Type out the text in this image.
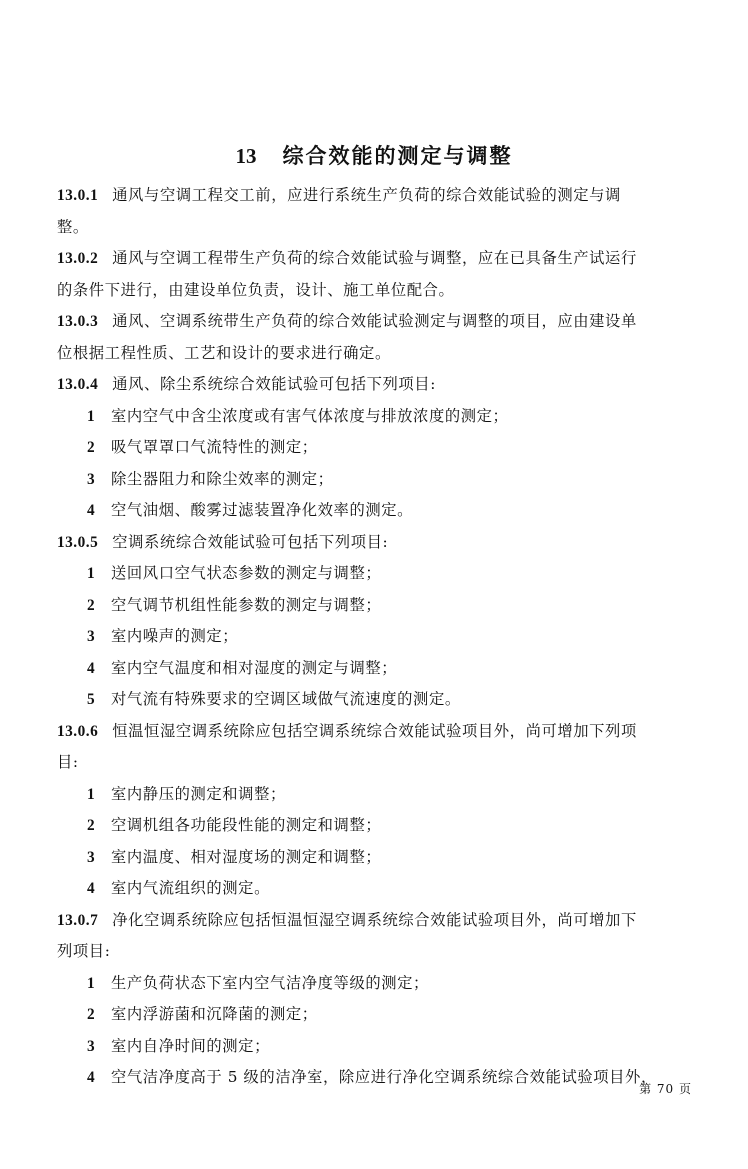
13 综合效能的测定与调整
13.0.1 通风与空调工程交工前，应进行系统生产负荷的综合效能试验的测定与调
整。
13.0.2 通风与空调工程带生产负荷的综合效能试验与调整，应在已具备生产试运行
的条件下进行，由建设单位负责，设计、施工单位配合。
13.0.3 通风、空调系统带生产负荷的综合效能试验测定与调整的项目，应由建设单
位根据工程性质、工艺和设计的要求进行确定。
13.0.4 通风、除尘系统综合效能试验可包括下列项目:
1 室内空气中含尘浓度或有害气体浓度与排放浓度的测定；
2 吸气罩罩口气流特性的测定；
3 除尘器阻力和除尘效率的测定；
4 空气油烟、酸雾过滤装置净化效率的测定。
13.0.5 空调系统综合效能试验可包括下列项目:
1 送回风口空气状态参数的测定与调整；
2 空气调节机组性能参数的测定与调整；
3 室内噪声的测定；
4 室内空气温度和相对湿度的测定与调整；
5 对气流有特殊要求的空调区域做气流速度的测定。
13.0.6 恒温恒湿空调系统除应包括空调系统综合效能试验项目外，尚可增加下列项
目:
1 室内静压的测定和调整；
2 空调机组各功能段性能的测定和调整；
3 室内温度、相对湿度场的测定和调整；
4 室内气流组织的测定。
13.0.7 净化空调系统除应包括恒温恒湿空调系统综合效能试验项目外，尚可增加下
列项目:
1 生产负荷状态下室内空气洁净度等级的测定；
2 室内浮游菌和沉降菌的测定；
3 室内自净时间的测定；
4 空气洁净度高于 5 级的洁净室，除应进行净化空调系统综合效能试验项目外，
第 70 页
